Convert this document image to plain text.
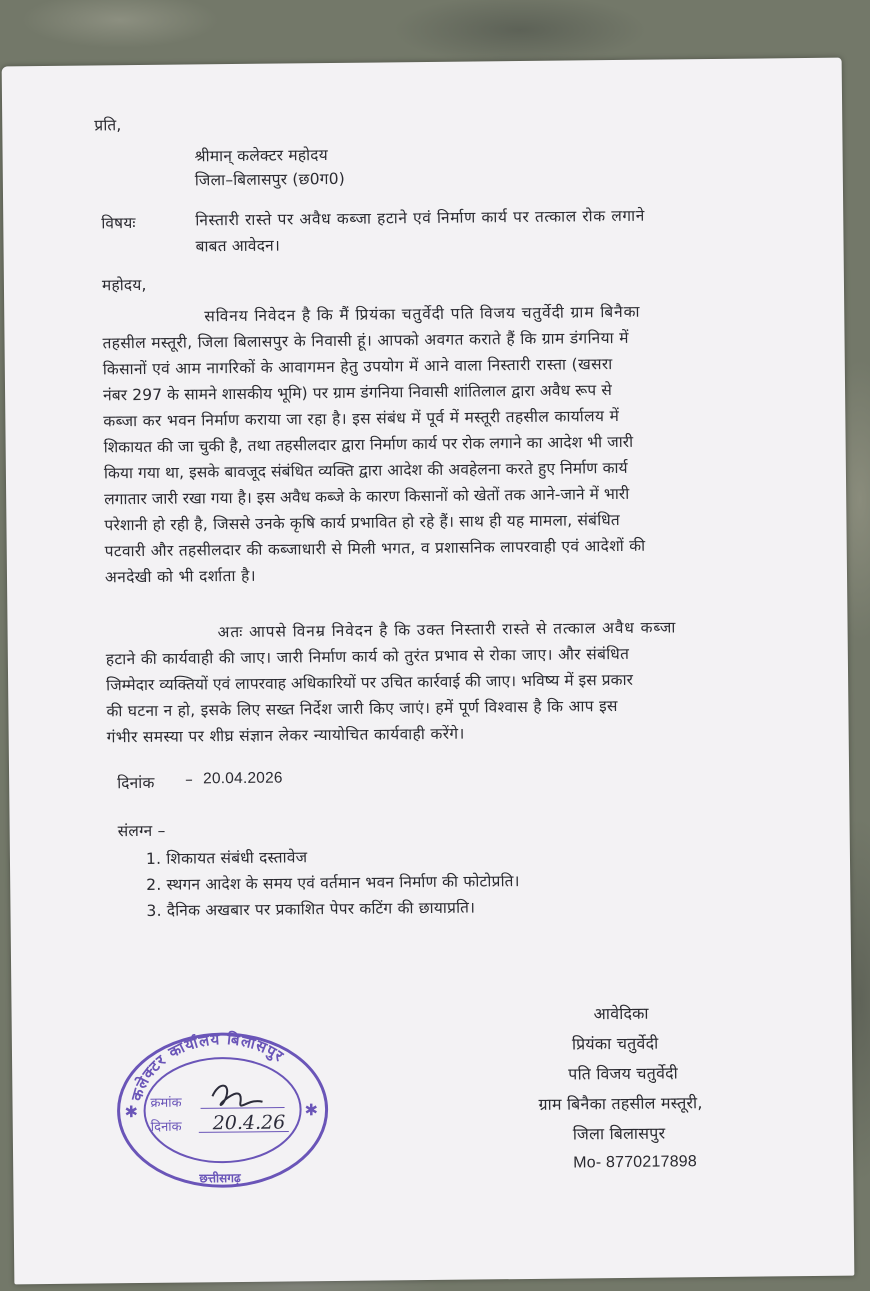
प्रति,
श्रीमान् कलेक्टर महोदय
जिला–बिलासपुर (छ0ग0)
विषयः	निस्तारी रास्ते पर अवैध कब्जा हटाने एवं निर्माण कार्य पर तत्काल रोक लगाने
बाबत आवेदन।
महोदय,
सविनय निवेदन है कि मैं प्रियंका चतुर्वेदी पति विजय चतुर्वेदी ग्राम बिनैका
तहसील मस्तूरी, जिला बिलासपुर के निवासी हूं। आपको अवगत कराते हैं कि ग्राम डंगनिया में
किसानों एवं आम नागरिकों के आवागमन हेतु उपयोग में आने वाला निस्तारी रास्ता (खसरा
नंबर 297 के सामने शासकीय भूमि) पर ग्राम डंगनिया निवासी शांतिलाल द्वारा अवैध रूप से
कब्जा कर भवन निर्माण कराया जा रहा है। इस संबंध में पूर्व में मस्तूरी तहसील कार्यालय में
शिकायत की जा चुकी है, तथा तहसीलदार द्वारा निर्माण कार्य पर रोक लगाने का आदेश भी जारी
किया गया था, इसके बावजूद संबंधित व्यक्ति द्वारा आदेश की अवहेलना करते हुए निर्माण कार्य
लगातार जारी रखा गया है। इस अवैध कब्जे के कारण किसानों को खेतों तक आने-जाने में भारी
परेशानी हो रही है, जिससे उनके कृषि कार्य प्रभावित हो रहे हैं। साथ ही यह मामला, संबंधित
पटवारी और तहसीलदार की कब्जाधारी से मिली भगत, व प्रशासनिक लापरवाही एवं आदेशों की
अनदेखी को भी दर्शाता है।
अतः आपसे विनम्र निवेदन है कि उक्त निस्तारी रास्ते से तत्काल अवैध कब्जा
हटाने की कार्यवाही की जाए। जारी निर्माण कार्य को तुरंत प्रभाव से रोका जाए। और संबंधित
जिम्मेदार व्यक्तियों एवं लापरवाह अधिकारियों पर उचित कार्रवाई की जाए। भविष्य में इस प्रकार
की घटना न हो, इसके लिए सख्त निर्देश जारी किए जाएं। हमें पूर्ण विश्वास है कि आप इस
गंभीर समस्या पर शीघ्र संज्ञान लेकर न्यायोचित कार्यवाही करेंगे।
दिनांक – 20.04.2026
संलग्न –
1. शिकायत संबंधी दस्तावेज
2. स्थगन आदेश के समय एवं वर्तमान भवन निर्माण की फोटोप्रति।
3. दैनिक अखबार पर प्रकाशित पेपर कटिंग की छायाप्रति।
कलेक्टर कार्यालय बिलासपुर
छत्तीसगढ़
✱	✱
क्रमांक
दिनांक 20.4.26
आवेदिका
प्रियंका चतुर्वेदी
पति विजय चतुर्वेदी
ग्राम बिनैका तहसील मस्तूरी,
जिला बिलासपुर
Mo- 8770217898
